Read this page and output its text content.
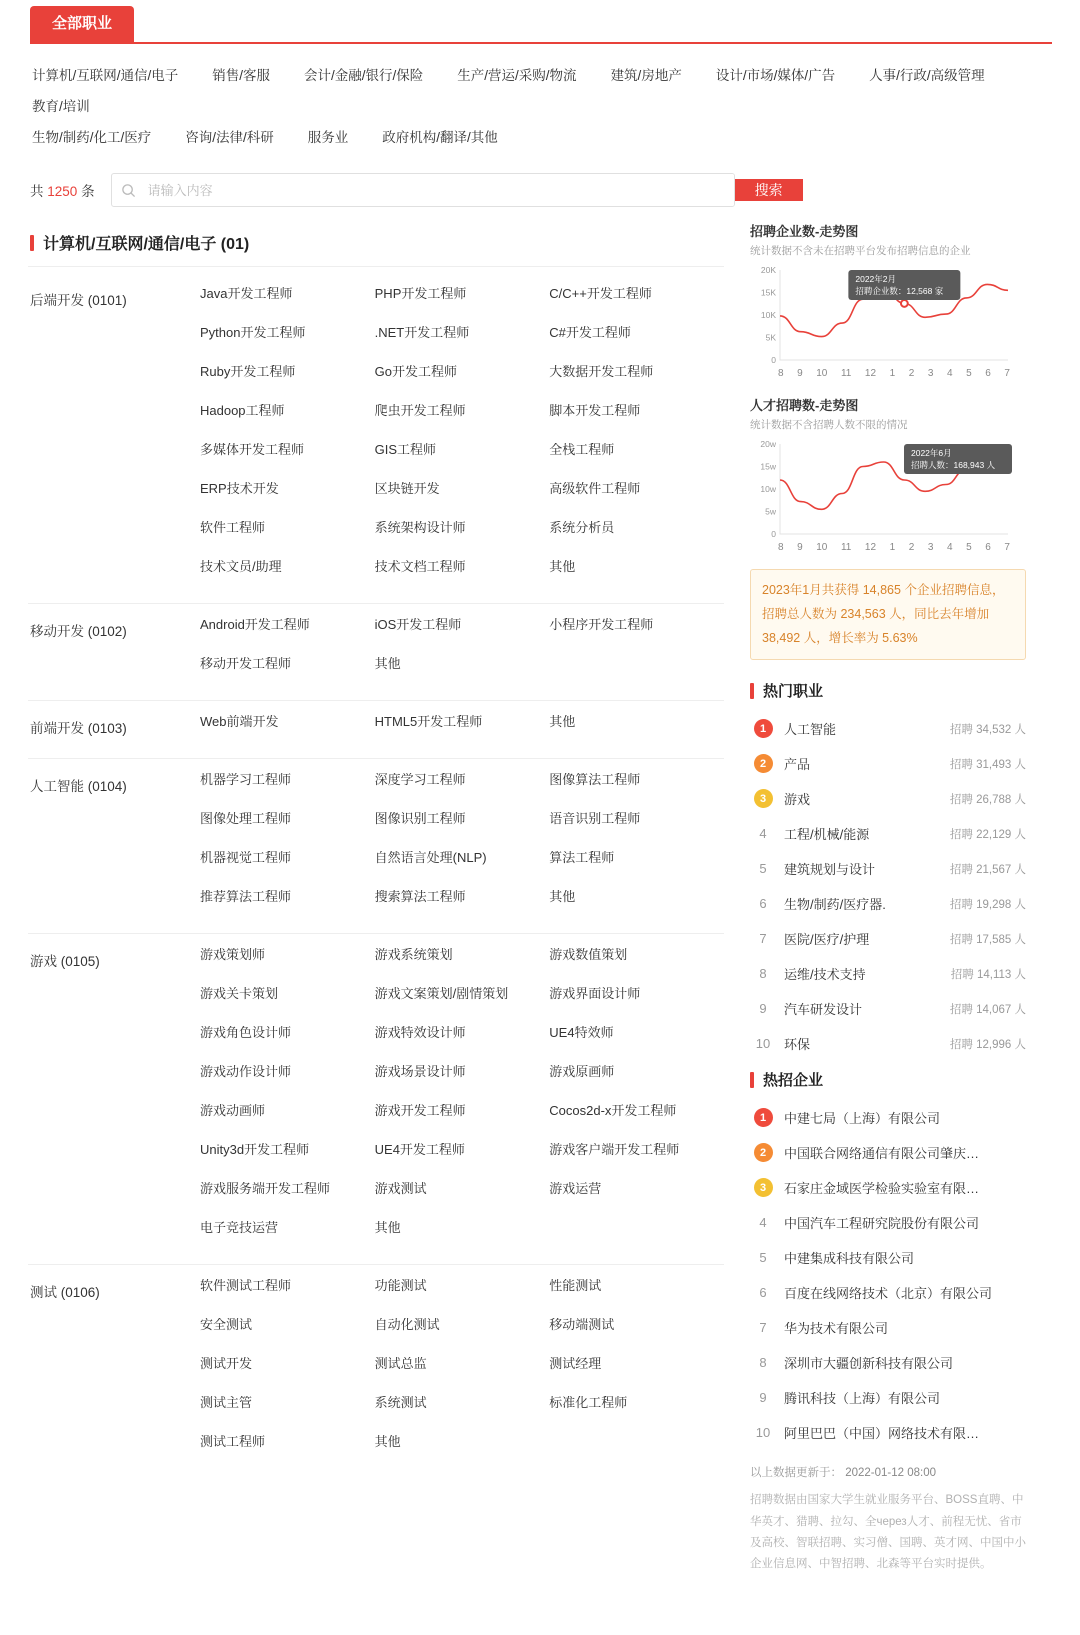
全部职业
计算机/互联网/通信/电子	销售/客服	会计/金融/银行/保险	生产/营运/采购/物流	建筑/房地产	设计/市场/媒体/广告	人事/行政/高级管理
教育/培训
生物/制药/化工/医疗	咨询/法律/科研	服务业	政府机构/翻译/其他
共 1250 条
请输入内容	搜索
计算机/互联网/通信/电子 (01)
后端开发 (0101)	Java开发工程师	PHP开发工程师	C/C++开发工程师
Python开发工程师	.NET开发工程师	C#开发工程师
Ruby开发工程师	Go开发工程师	大数据开发工程师
Hadoop工程师	爬虫开发工程师	脚本开发工程师
多媒体开发工程师	GIS工程师	全栈工程师
ERP技术开发	区块链开发	高级软件工程师
软件工程师	系统架构设计师	系统分析员
技术文员/助理	技术文档工程师	其他
移动开发 (0102)	Android开发工程师	iOS开发工程师	小程序开发工程师
移动开发工程师	其他
前端开发 (0103)	Web前端开发	HTML5开发工程师	其他
人工智能 (0104)	机器学习工程师	深度学习工程师	图像算法工程师
图像处理工程师	图像识别工程师	语音识别工程师
机器视觉工程师	自然语言处理(NLP)	算法工程师
推荐算法工程师	搜索算法工程师	其他
游戏 (0105)	游戏策划师	游戏系统策划	游戏数值策划
游戏关卡策划	游戏文案策划/剧情策划	游戏界面设计师
游戏角色设计师	游戏特效设计师	UE4特效师
游戏动作设计师	游戏场景设计师	游戏原画师
游戏动画师	游戏开发工程师	Cocos2d-x开发工程师
Unity3d开发工程师	UE4开发工程师	游戏客户端开发工程师
游戏服务端开发工程师	游戏测试	游戏运营
电子竞技运营	其他
测试 (0106)	软件测试工程师	功能测试	性能测试
安全测试	自动化测试	移动端测试
测试开发	测试总监	测试经理
测试主管	系统测试	标准化工程师
测试工程师	其他
招聘企业数-走势图
统计数据不含未在招聘平台发布招聘信息的企业
0
5K
10K
15K
20K
2022年2月
招聘企业数：12,568 家
8 9 10 11 12 1 2 3 4 5 6 7
人才招聘数-走势图
统计数据不含招聘人数不限的情况
0
5w
10w
15w
20w
2022年6月
招聘人数：168,943 人
8 9 10 11 12 1 2 3 4 5 6 7
2023年1月共获得 14,865 个企业招聘信息，招聘总人数为 234,563 人，同比去年增加 38,492 人，增长率为 5.63%
热门职业
1	人工智能	招聘 34,532 人
2	产品	招聘 31,493 人
3	游戏	招聘 26,788 人
4	工程/机械/能源	招聘 22,129 人
5	建筑规划与设计	招聘 21,567 人
6	生物/制药/医疗器.	招聘 19,298 人
7	医院/医疗/护理	招聘 17,585 人
8	运维/技术支持	招聘 14,113 人
9	汽车研发设计	招聘 14,067 人
10	环保	招聘 12,996 人
热招企业
1	中建七局（上海）有限公司
2	中国联合网络通信有限公司肇庆…
3	石家庄金域医学检验实验室有限…
4	中国汽车工程研究院股份有限公司
5	中建集成科技有限公司
6	百度在线网络技术（北京）有限公司
7	华为技术有限公司
8	深圳市大疆创新科技有限公司
9	腾讯科技（上海）有限公司
10	阿里巴巴（中国）网络技术有限…
以上数据更新于： 2022-01-12 08:00
招聘数据由国家大学生就业服务平台、BOSS直聘、中华英才、猎聘、拉勾、全через人才、前程无忧、省市及高校、智联招聘、实习僧、国聘、英才网、中国中小企业信息网、中智招聘、北森等平台实时提供。
